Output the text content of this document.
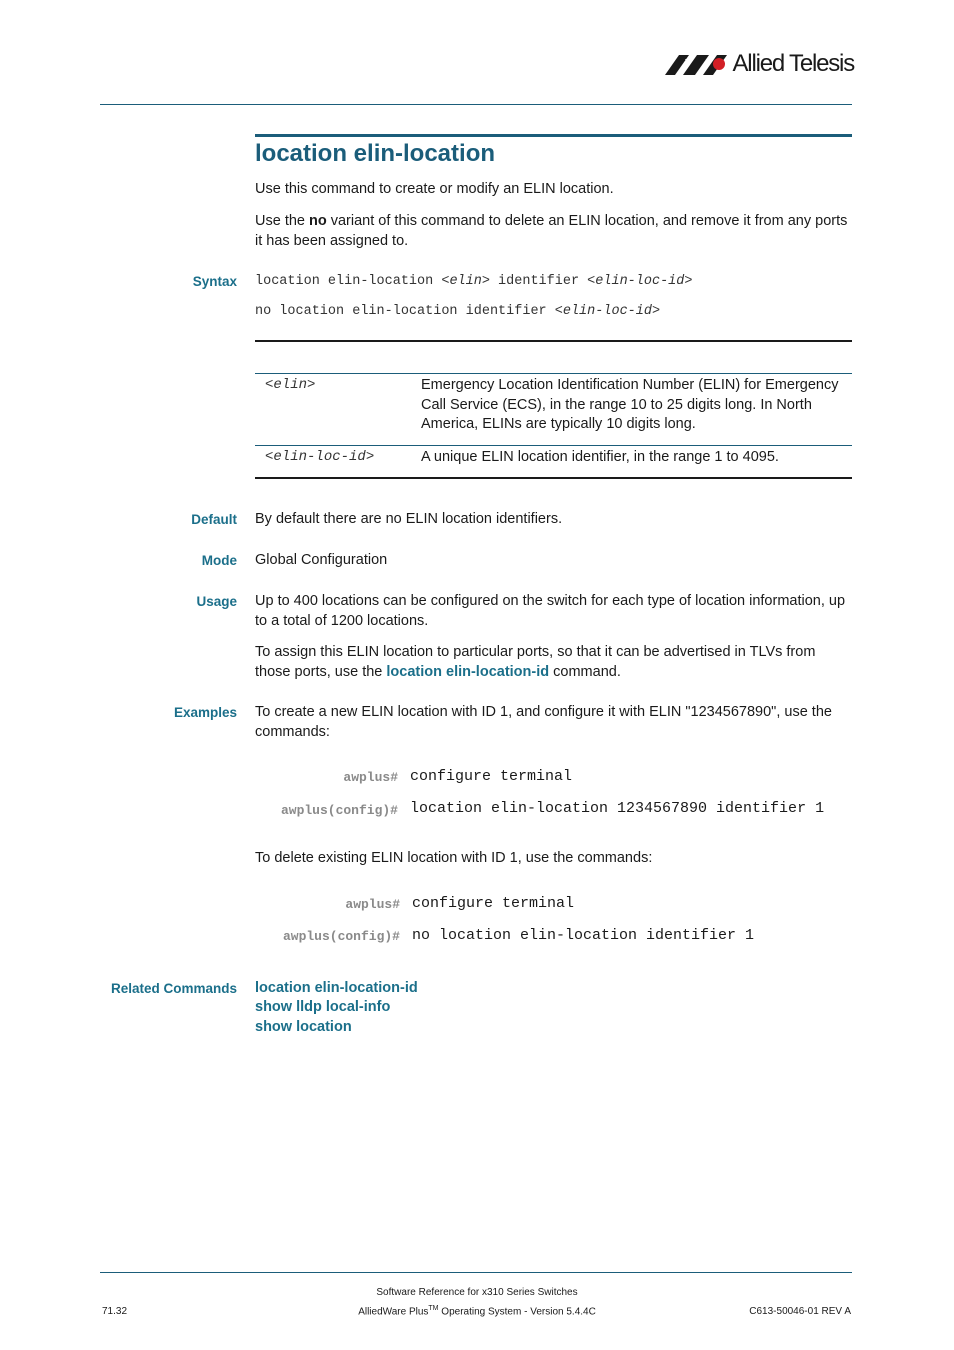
Allied Telesis
location elin-location
Use this command to create or modify an ELIN location.
Use the no variant of this command to delete an ELIN location, and remove it from any ports it has been assigned to.
Syntax location elin-location <elin> identifier <elin-loc-id>
no location elin-location identifier <elin-loc-id>
<elin>	Emergency Location Identification Number (ELIN) for Emergency Call Service (ECS), in the range 10 to 25 digits long. In North America, ELINs are typically 10 digits long.
<elin-loc-id>	A unique ELIN location identifier, in the range 1 to 4095.
Default By default there are no ELIN location identifiers.
Mode Global Configuration
Usage Up to 400 locations can be configured on the switch for each type of location information, up to a total of 1200 locations.
To assign this ELIN location to particular ports, so that it can be advertised in TLVs from those ports, use the location elin-location-id command.
Examples To create a new ELIN location with ID 1, and configure it with ELIN "1234567890", use the commands:
awplus# configure terminal
awplus(config)# location elin-location 1234567890 identifier 1
To delete existing ELIN location with ID 1, use the commands:
awplus# configure terminal
awplus(config)# no location elin-location identifier 1
Related Commands location elin-location-id
show lldp local-info
show location
Software Reference for x310 Series Switches
AlliedWare Plus™ Operating System - Version 5.4.4C
71.32	C613-50046-01 REV A
